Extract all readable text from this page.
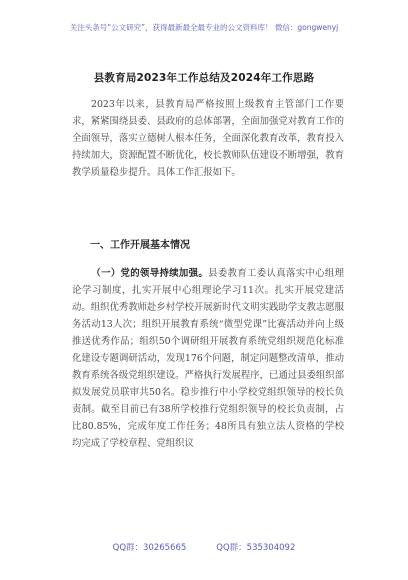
关注头条号“公文研究”，获得最新最全最专业的公文资料库！ 微信：gongwenyj
县教育局2023年工作总结及2024年工作思路
2023年以来，县教育局严格按照上级教育主管部门工作要求，紧紧围绕县委、县政府的总体部署，全面加强党对教育工作的全面领导，落实立德树人根本任务，全面深化教育改革，教育投入持续加大，资源配置不断优化，校长教师队伍建设不断增强，教育教学质量稳步提升。具体工作汇报如下。
一、工作开展基本情况
（一）党的领导持续加强。县委教育工委认真落实中心组理论学习制度，扎实开展中心组理论学习11次。扎实开展党建活动。组织优秀教师赴乡村学校开展新时代文明实践助学支教志愿服务活动13人次；组织开展教育系统“微型党课”比赛活动并向上级推送优秀作品；组织50个调研组开展教育系统党组织规范化标准化建设专题调研活动，发现176个问题，制定问题整改清单，推动教育系统各级党组织建设。严格执行发展程序，已通过县委组织部拟发展党员联审共50名。稳步推行中小学校党组织领导的校长负责制。截至目前已有38所学校推行党组织领导的校长负责制，占比80.85%，完成年度工作任务；48所具有独立法人资格的学校均完成了学校章程、党组织议
QQ群：30265665	QQ群：535304092
